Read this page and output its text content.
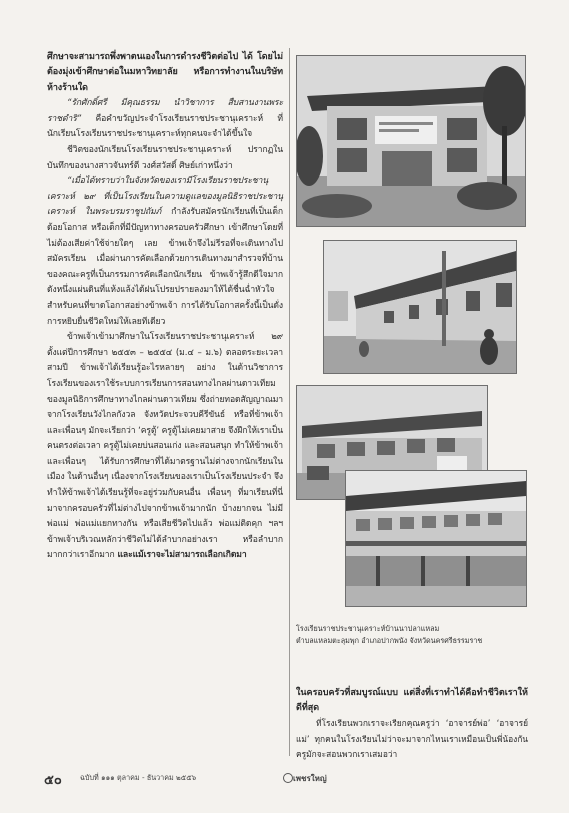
ศึกษาจะสามารถพึ่งพาตนเองในการดำรงชีวิตต่อไป ได้ โดยไม่ต้องมุ่งเข้าศึกษาต่อในมหาวิทยาลัย หรือการทำงานในบริษัทห้างร้านใด

“รักศักดิ์ศรี มีคุณธรรม นำวิชาการ สืบสานงานพระราชดำริ” คือคำขวัญประจำโรงเรียนราชประชานุเคราะห์ ที่นักเรียนโรงเรียนราชประชานุเคราะห์ทุกคนจะจำได้ขึ้นใจ

ชีวิตของนักเรียนโรงเรียนราชประชานุเคราะห์ ปรากฏในบันทึกของนางสาวจันทร์ตี วงศ์สวัสดิ์ ศิษย์เก่าหนึ่งว่า

“เมื่อได้ทราบว่าในจังหวัดของเรามีโรงเรียนราชประชานุเคราะห์ ๒๙ ที่เป็นโรงเรียนในความดูแลของมูลนิธิราชประชานุเคราะห์ ในพระบรมราชูปถัมภ์ กำลังรับสมัครนักเรียนที่เป็นเด็กด้อยโอกาส หรือเด็กที่มีปัญหาทางครอบครัวศึกษา เข้าศึกษาโดยที่ไม่ต้องเสียค่าใช้จ่ายใดๆ เลย ข้าพเจ้าจึงไม่รีรอที่จะเดินทางไปสมัครเรียน เมื่อผ่านการคัดเลือกด้วยการเดินทางมาสำรวจที่บ้านของคณะครูที่เป็นกรรมการคัดเลือกนักเรียน ข้าพเจ้ารู้สึกดีใจมาก ดังหนึ่งแผ่นดินที่แห้งแล้งได้ฝนโปรยปรายลงมาให้ได้ชื่นฉ่ำหัวใจ สำหรับคนที่ขาดโอกาสอย่างข้าพเจ้า การได้รับโอกาสครั้งนี้เป็นดั่งการหยิบยื่นชีวิตใหม่ให้เลยทีเดียว

ข้าพเจ้าเข้ามาศึกษาในโรงเรียนราชประชานุเคราะห์ ๒๙ ตั้งแต่ปีการศึกษา ๒๕๕๓ – ๒๕๕๔ (ม.๔ – ม.๖) ตลอดระยะเวลาสามปี ข้าพเจ้าได้เรียนรู้อะไรหลายๆ อย่าง ในด้านวิชาการ โรงเรียนของเราใช้ระบบการเรียนการสอนทางไกลผ่านดาวเทียมของมูลนิธิการศึกษาทางไกลผ่านดาวเทียม ซึ่งถ่ายทอดสัญญาณมาจากโรงเรียนวังไกลกังวล จังหวัดประจวบคีรีขันธ์ หรือที่ข้าพเจ้าและเพื่อนๆ มักจะเรียกว่า ‘ครูตู้’ ครูตู้ไม่เคยมาสาย จึงฝึกให้เราเป็นคนตรงต่อเวลา ครูตู้ไม่เคยบ่นสอนเก่ง และสอนสนุก ทำให้ข้าพเจ้าและเพื่อนๆ ได้รับการศึกษาที่ได้มาตรฐานไม่ต่างจากนักเรียนในเมือง ในด้านอื่นๆ เนื่องจากโรงเรียนของเราเป็นโรงเรียนประจำ จึงทำให้ข้าพเจ้าได้เรียนรู้ที่จะอยู่ร่วมกับคนอื่น เพื่อนๆ ที่มาเรียนที่นี่มาจากครอบครัวที่ไม่ต่างไปจากข้าพเจ้ามากนัก บ้างยากจน ไม่มีพ่อแม่ พ่อแม่แยกทางกัน หรือเสียชีวิตไปแล้ว พ่อแม่ติดคุก ฯลฯ ข้าพเจ้าบริเวณหลักว่าชีวิตไม่ได้ลำบากอย่างเรา หรือลำบากมากกว่าเราอีกมาก และแม้เราจะไม่สามารถเลือกเกิดมา

โรงเรียนราชประชานุเคราะห์บ้านนาปลาแหลม
ตำบลแหลมตะลุมพุก อำเภอปากพนัง จังหวัดนครศรีธรรมราช

ในครอบครัวที่สมบูรณ์แบบ แต่สิ่งที่เราทำได้คือทำชีวิตเราให้ดีที่สุด

ที่โรงเรียนพวกเราจะเรียกคุณครูว่า ‘อาจารย์พ่อ’ ‘อาจารย์แม่’ ทุกคนในโรงเรียนไม่ว่าจะมาจากไหนเราเหมือนเป็นพี่น้องกัน ครูมักจะสอนพวกเราเสมอว่า

๕๐	ฉบับที่ ๑๑๑ ตุลาคม - ธันวาคม ๒๕๕๖	เพชรใหญ่
